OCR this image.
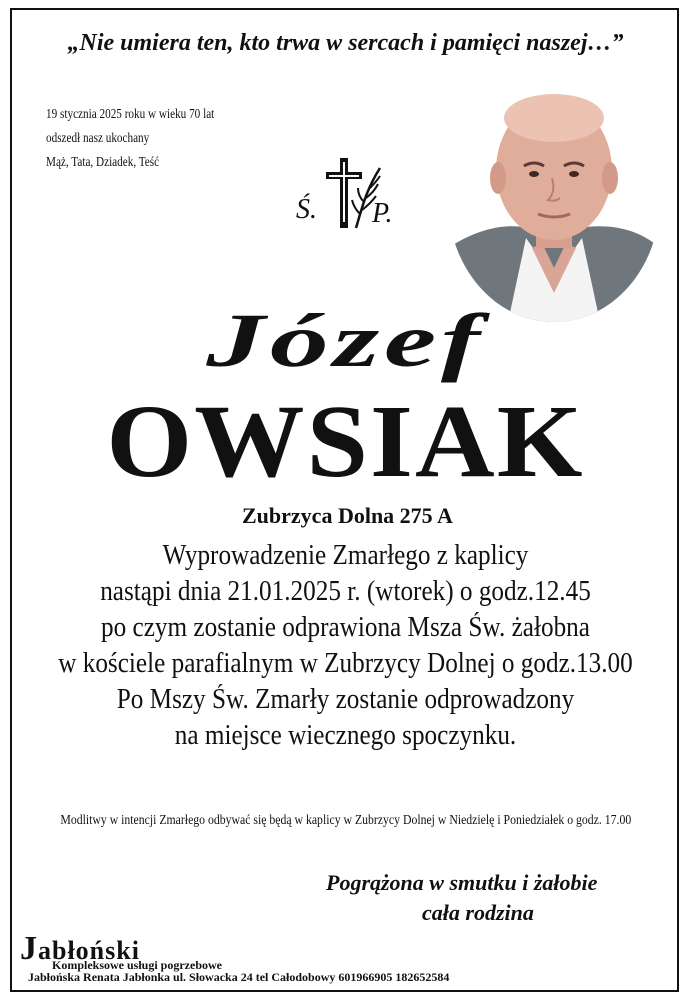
„Nie umiera ten, kto trwa w sercach i pamięci naszej…”
19 stycznia 2025 roku w wieku 70 lat
odszedł nasz ukochany
Mąż, Tata, Dziadek, Teść
Ś. P.
Józef
OWSIAK
Zubrzyca Dolna 275 A
Wyprowadzenie Zmarłego z kaplicy
nastąpi dnia 21.01.2025 r. (wtorek) o godz.12.45
po czym zostanie odprawiona Msza Św. żałobna
w kościele parafialnym w Zubrzycy Dolnej o godz.13.00
Po Mszy Św. Zmarły zostanie odprowadzony
na miejsce wiecznego spoczynku.
Modlitwy w intencji Zmarłego odbywać się będą w kaplicy w Zubrzycy Dolnej w Niedzielę i Poniedziałek o godz. 17.00
Pogrążona w smutku i żałobie
cała rodzina
Jabłoński
Kompleksowe usługi pogrzebowe
Jabłońska Renata Jabłonka ul. Słowacka 24 tel Całodobowy 601966905 182652584
